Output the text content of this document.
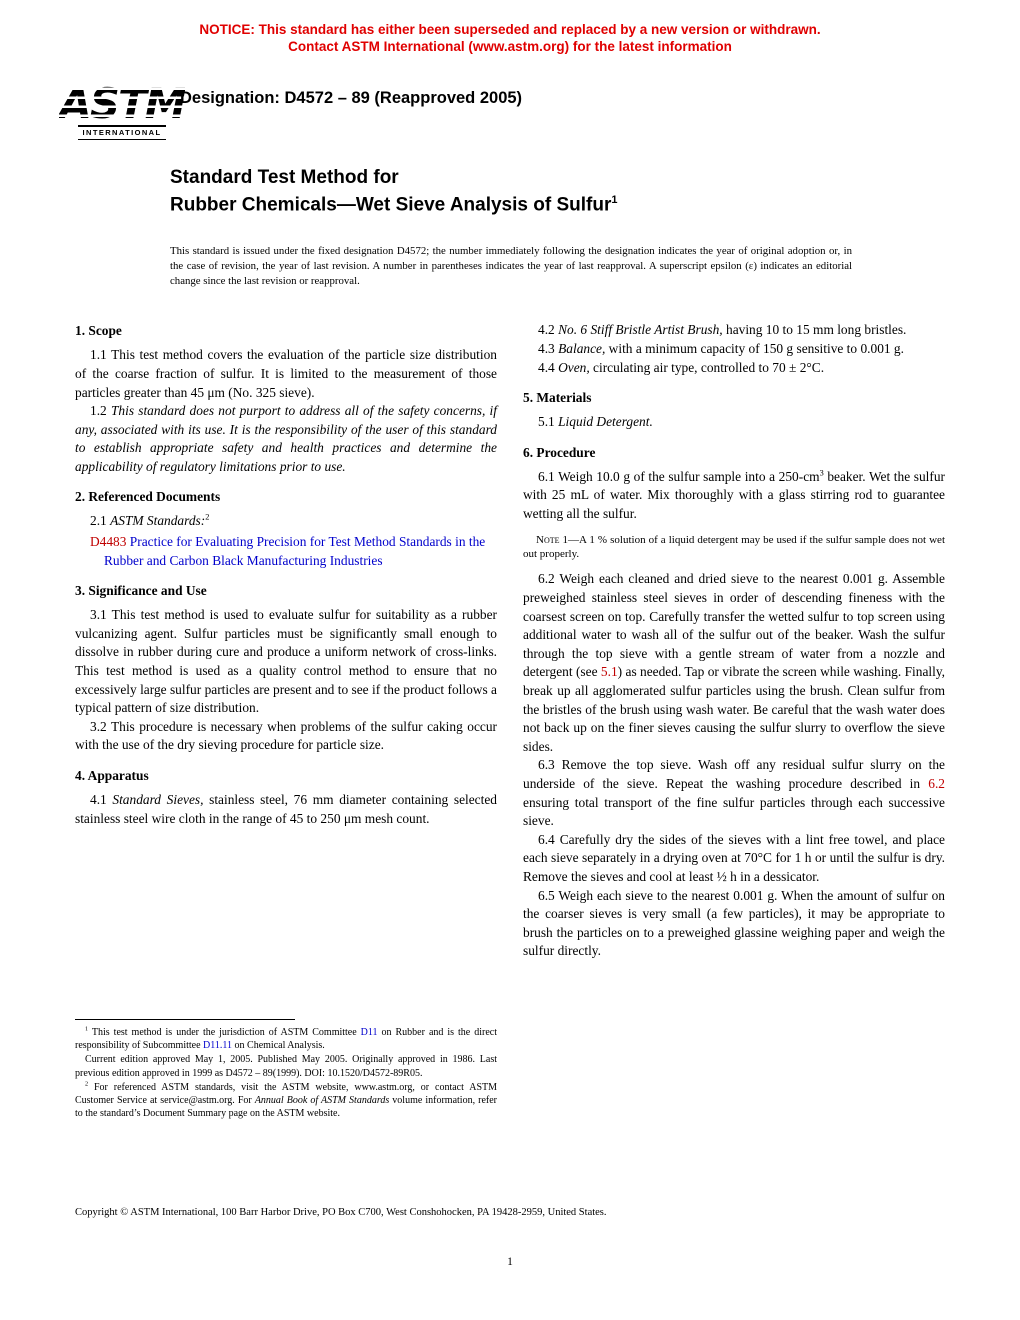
NOTICE: This standard has either been superseded and replaced by a new version or withdrawn.
Contact ASTM International (www.astm.org) for the latest information
ASTM
INTERNATIONAL
Designation: D4572 – 89 (Reapproved 2005)
Standard Test Method for
Rubber Chemicals—Wet Sieve Analysis of Sulfur$^1$

This standard is issued under the fixed designation D4572; the number immediately following the designation indicates the year of original adoption or, in the case of revision, the year of last revision. A number in parentheses indicates the year of last reapproval. A superscript epsilon (ε) indicates an editorial change since the last revision or reapproval.

1. Scope

1.1 This test method covers the evaluation of the particle size distribution of the coarse fraction of sulfur. It is limited to the measurement of those particles greater than 45 μm (No. 325 sieve).

1.2 This standard does not purport to address all of the safety concerns, if any, associated with its use. It is the responsibility of the user of this standard to establish appropriate safety and health practices and determine the applicability of regulatory limitations prior to use.

2. Referenced Documents

2.1 ASTM Standards:$^2$

D4483 Practice for Evaluating Precision for Test Method Standards in the Rubber and Carbon Black Manufacturing Industries

3. Significance and Use

3.1 This test method is used to evaluate sulfur for suitability as a rubber vulcanizing agent. Sulfur particles must be significantly small enough to dissolve in rubber during cure and produce a uniform network of cross-links. This test method is used as a quality control method to ensure that no excessively large sulfur particles are present and to see if the product follows a typical pattern of size distribution.

3.2 This procedure is necessary when problems of the sulfur caking occur with the use of the dry sieving procedure for particle size.

4. Apparatus

4.1 Standard Sieves, stainless steel, 76 mm diameter containing selected stainless steel wire cloth in the range of 45 to 250 μm mesh count.

$^1$ This test method is under the jurisdiction of ASTM Committee D11 on Rubber and is the direct responsibility of Subcommittee D11.11 on Chemical Analysis.

Current edition approved May 1, 2005. Published May 2005. Originally approved in 1986. Last previous edition approved in 1999 as D4572 – 89(1999). DOI: 10.1520/D4572-89R05.

$^2$ For referenced ASTM standards, visit the ASTM website, www.astm.org, or contact ASTM Customer Service at service@astm.org. For Annual Book of ASTM Standards volume information, refer to the standard’s Document Summary page on the ASTM website.

4.2 No. 6 Stiff Bristle Artist Brush, having 10 to 15 mm long bristles.

4.3 Balance, with a minimum capacity of 150 g sensitive to 0.001 g.

4.4 Oven, circulating air type, controlled to 70 ± 2°C.

5. Materials

5.1 Liquid Detergent.

6. Procedure

6.1 Weigh 10.0 g of the sulfur sample into a $250-cm^3$ beaker. Wet the sulfur with 25 mL of water. Mix thoroughly with a glass stirring rod to guarantee wetting all the sulfur.

Note 1—A 1 % solution of a liquid detergent may be used if the sulfur sample does not wet out properly.

6.2 Weigh each cleaned and dried sieve to the nearest 0.001 g. Assemble preweighed stainless steel sieves in order of descending fineness with the coarsest screen on top. Carefully transfer the wetted sulfur to top screen using additional water to wash all of the sulfur out of the beaker. Wash the sulfur through the top sieve with a gentle stream of water from a nozzle and detergent (see 5.1) as needed. Tap or vibrate the screen while washing. Finally, break up all agglomerated sulfur particles using the brush. Clean sulfur from the bristles of the brush using wash water. Be careful that the wash water does not back up on the finer sieves causing the sulfur slurry to overflow the sieve sides.

6.3 Remove the top sieve. Wash off any residual sulfur slurry on the underside of the sieve. Repeat the washing procedure described in 6.2 ensuring total transport of the fine sulfur particles through each successive sieve.

6.4 Carefully dry the sides of the sieves with a lint free towel, and place each sieve separately in a drying oven at 70°C for 1 h or until the sulfur is dry. Remove the sieves and cool at least ½ h in a dessicator.

6.5 Weigh each sieve to the nearest 0.001 g. When the amount of sulfur on the coarser sieves is very small (a few particles), it may be appropriate to brush the particles on to a preweighed glassine weighing paper and weigh the sulfur directly.

Copyright © ASTM International, 100 Barr Harbor Drive, PO Box C700, West Conshohocken, PA 19428-2959, United States.

1
